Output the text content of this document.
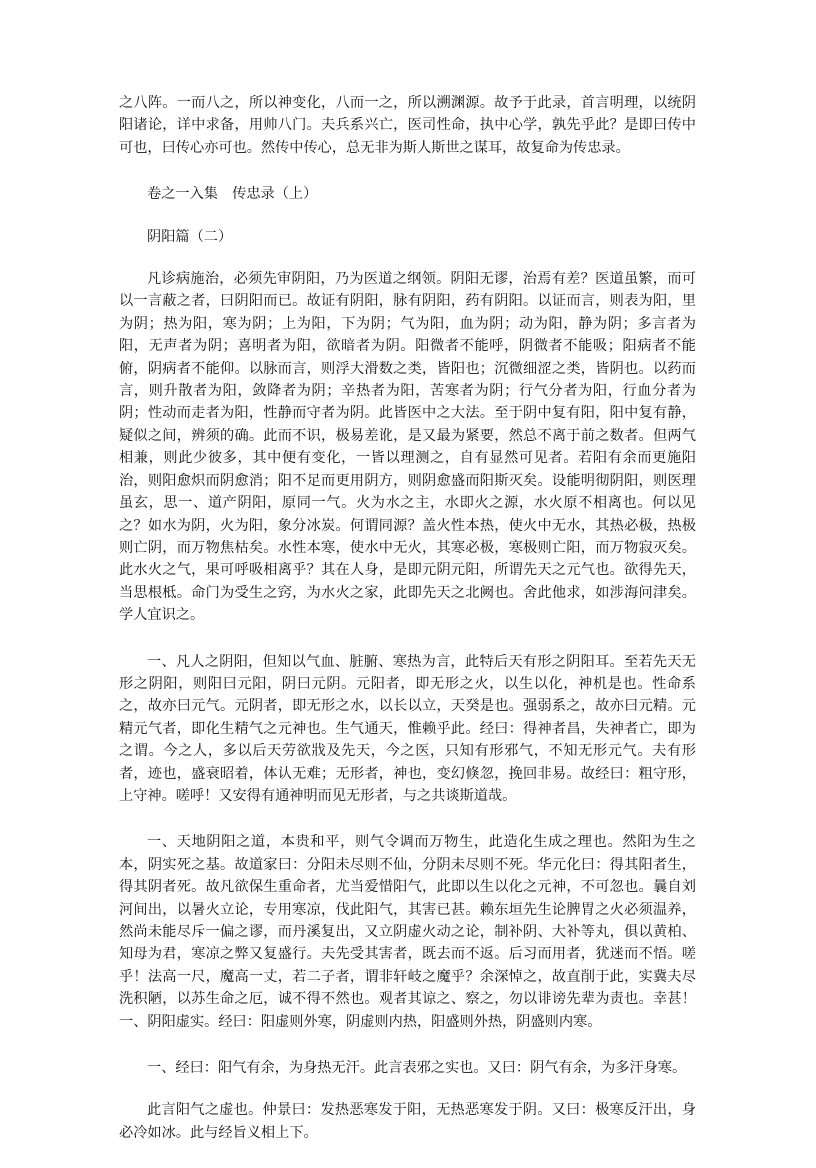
之八阵。一而八之，所以神变化，八而一之，所以溯渊源。故予于此录，首言明理，以统阴阳诸论，详中求备，用帅八门。夫兵系兴亡，医司性命，执中心学，孰先乎此？是即曰传中可也，曰传心亦可也。然传中传心，总无非为斯人斯世之谋耳，故复命为传忠录。

卷之一入集　传忠录（上）

阴阳篇（二）

凡诊病施治，必须先审阴阳，乃为医道之纲领。阴阳无谬，治焉有差？医道虽繁，而可以一言蔽之者，曰阴阳而已。故证有阴阳，脉有阴阳，药有阴阳。以证而言，则表为阳，里为阴；热为阳，寒为阴；上为阳，下为阴；气为阳，血为阴；动为阳，静为阴；多言者为阳，无声者为阴；喜明者为阳，欲暗者为阴。阳微者不能呼，阴微者不能吸；阳病者不能俯，阴病者不能仰。以脉而言，则浮大滑数之类，皆阳也；沉微细涩之类，皆阴也。以药而言，则升散者为阳，敛降者为阴；辛热者为阳，苦寒者为阴；行气分者为阳，行血分者为阴；性动而走者为阳，性静而守者为阴。此皆医中之大法。至于阴中复有阳，阳中复有静，疑似之间，辨须的确。此而不识，极易差讹，是又最为紧要，然总不离于前之数者。但两气相兼，则此少彼多，其中便有变化，一皆以理测之，自有显然可见者。若阳有余而更施阳治，则阳愈炽而阴愈消；阳不足而更用阴方，则阴愈盛而阳斯灭矣。设能明彻阴阳，则医理虽玄，思一、道产阴阳，原同一气。火为水之主，水即火之源，水火原不相离也。何以见之？如水为阴，火为阳，象分冰炭。何谓同源？盖火性本热，使火中无水，其热必极，热极则亡阴，而万物焦枯矣。水性本寒，使水中无火，其寒必极，寒极则亡阳，而万物寂灭矣。此水火之气，果可呼吸相离乎？其在人身，是即元阴元阳，所谓先天之元气也。欲得先天，当思根柢。命门为受生之窍，为水火之家，此即先天之北阙也。舍此他求，如涉海问津矣。学人宜识之。

一、凡人之阴阳，但知以气血、脏腑、寒热为言，此特后天有形之阴阳耳。至若先天无形之阴阳，则阳曰元阳，阴曰元阴。元阳者，即无形之火，以生以化，神机是也。性命系之，故亦曰元气。元阴者，即无形之水，以长以立，天癸是也。强弱系之，故亦曰元精。元精元气者，即化生精气之元神也。生气通天，惟赖乎此。经曰：得神者昌，失神者亡，即为之谓。今之人，多以后天劳欲戕及先天，今之医，只知有形邪气，不知无形元气。夫有形者，迹也，盛衰昭着，体认无难；无形者，神也，变幻倏忽，挽回非易。故经曰：粗守形，上守神。嗟呼！又安得有通神明而见无形者，与之共谈斯道哉。

一、天地阴阳之道，本贵和平，则气令调而万物生，此造化生成之理也。然阳为生之本，阴实死之基。故道家曰：分阳未尽则不仙，分阴未尽则不死。华元化曰：得其阳者生，得其阴者死。故凡欲保生重命者，尤当爱惜阳气，此即以生以化之元神，不可忽也。曩自刘河间出，以暑火立论，专用寒凉，伐此阳气，其害已甚。赖东垣先生论脾胃之火必须温养，然尚未能尽斥一偏之谬，而丹溪复出，又立阴虚火动之论，制补阴、大补等丸，俱以黄柏、知母为君，寒凉之弊又复盛行。夫先受其害者，既去而不返。后习而用者，犹迷而不悟。嗟乎！法高一尺，魔高一丈，若二子者，谓非轩岐之魔乎？余深悼之，故直削于此，实冀夫尽洗积陋，以苏生命之厄，诚不得不然也。观者其谅之、察之，勿以诽谤先辈为责也。幸甚！一、阴阳虚实。经曰：阳虚则外寒，阴虚则内热，阳盛则外热，阴盛则内寒。

一、经曰：阳气有余，为身热无汗。此言表邪之实也。又曰：阴气有余，为多汗身寒。

此言阳气之虚也。仲景曰：发热恶寒发于阳，无热恶寒发于阴。又曰：极寒反汗出，身必冷如冰。此与经旨义相上下。
